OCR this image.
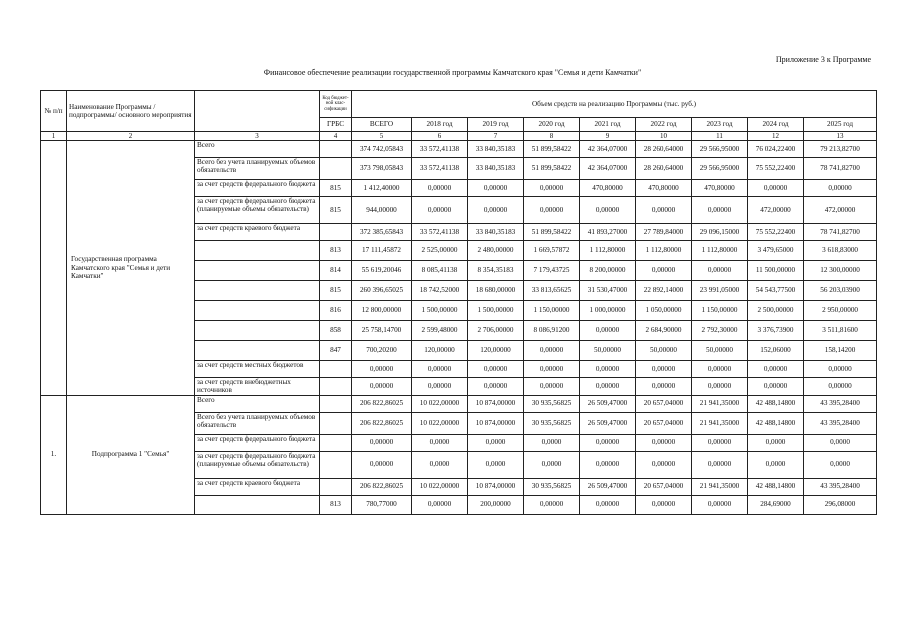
Приложение 3 к Программе
Финансовое обеспечение реализации государственной программы Камчатского края "Семья и дети Камчатки"
№ п/п	Наименование Программы /подпрограммы/ основного мероприятия		Код бюджет-ной клас-сификации	Объем средств на реализацию Программы (тыс. руб.)								
			ГРБС	ВСЕГО	2018 год	2019 год	2020 год	2021 год	2022 год	2023 год	2024 год	2025 год
1	2	3	4	5	6	7	8	9	10	11	12	13
	Государственная программа Камчатского края "Семья и дети Камчатки"	Всего		374 742,05843	33 572,41138	33 840,35183	51 899,58422	42 364,07000	28 260,64000	29 566,95000	76 024,22400	79 213,82700
		Всего без учета планируемых объемов обязательств		373 798,05843	33 572,41138	33 840,35183	51 899,58422	42 364,07000	28 260,64000	29 566,95000	75 552,22400	78 741,82700
		за счет средств федерального бюджета	815	1 412,40000	0,00000	0,00000	0,00000	470,80000	470,80000	470,80000	0,00000	0,00000
		за счет средств федерального бюджета (планируемые объемы обязательств)	815	944,00000	0,00000	0,00000	0,00000	0,00000	0,00000	0,00000	472,00000	472,00000
		за счет средств краевого бюджета		372 385,65843	33 572,41138	33 840,35183	51 899,58422	41 893,27000	27 789,84000	29 096,15000	75 552,22400	78 741,82700
			813	17 111,45872	2 525,00000	2 480,00000	1 669,57872	1 112,80000	1 112,80000	1 112,80000	3 479,65000	3 618,83000
			814	55 619,20046	8 085,41138	8 354,35183	7 179,43725	8 200,00000	0,00000	0,00000	11 500,00000	12 300,00000
			815	260 396,65025	18 742,52000	18 680,00000	33 813,65625	31 530,47000	22 892,14000	23 991,05000	54 543,77500	56 203,03900
			816	12 800,00000	1 500,00000	1 500,00000	1 150,00000	1 000,00000	1 050,00000	1 150,00000	2 500,00000	2 950,00000
			858	25 758,14700	2 599,48000	2 706,00000	8 086,91200	0,00000	2 684,90000	2 792,30000	3 376,73900	3 511,81600
			847	700,20200	120,00000	120,00000	0,00000	50,00000	50,00000	50,00000	152,06000	158,14200
		за счет средств местных бюджетов		0,00000	0,00000	0,00000	0,00000	0,00000	0,00000	0,00000	0,00000	0,00000
		за счет средств внебюджетных источников		0,00000	0,00000	0,00000	0,00000	0,00000	0,00000	0,00000	0,00000	0,00000
1.	Подпрограмма 1 "Семья"	Всего		206 822,86025	10 022,00000	10 874,00000	30 935,56825	26 509,47000	20 657,04000	21 941,35000	42 488,14800	43 395,28400
		Всего без учета планируемых объемов обязательств		206 822,86025	10 022,00000	10 874,00000	30 935,56825	26 509,47000	20 657,04000	21 941,35000	42 488,14800	43 395,28400
		за счет средств федерального бюджета		0,00000	0,0000	0,0000	0,0000	0,00000	0,00000	0,00000	0,0000	0,0000
		за счет средств федерального бюджета (планируемые объемы обязательств)		0,00000	0,0000	0,0000	0,0000	0,00000	0,00000	0,00000	0,0000	0,0000
		за счет средств краевого бюджета		206 822,86025	10 022,00000	10 874,00000	30 935,56825	26 509,47000	20 657,04000	21 941,35000	42 488,14800	43 395,28400
			813	780,77000	0,00000	200,00000	0,00000	0,00000	0,00000	0,00000	284,69000	296,08000
